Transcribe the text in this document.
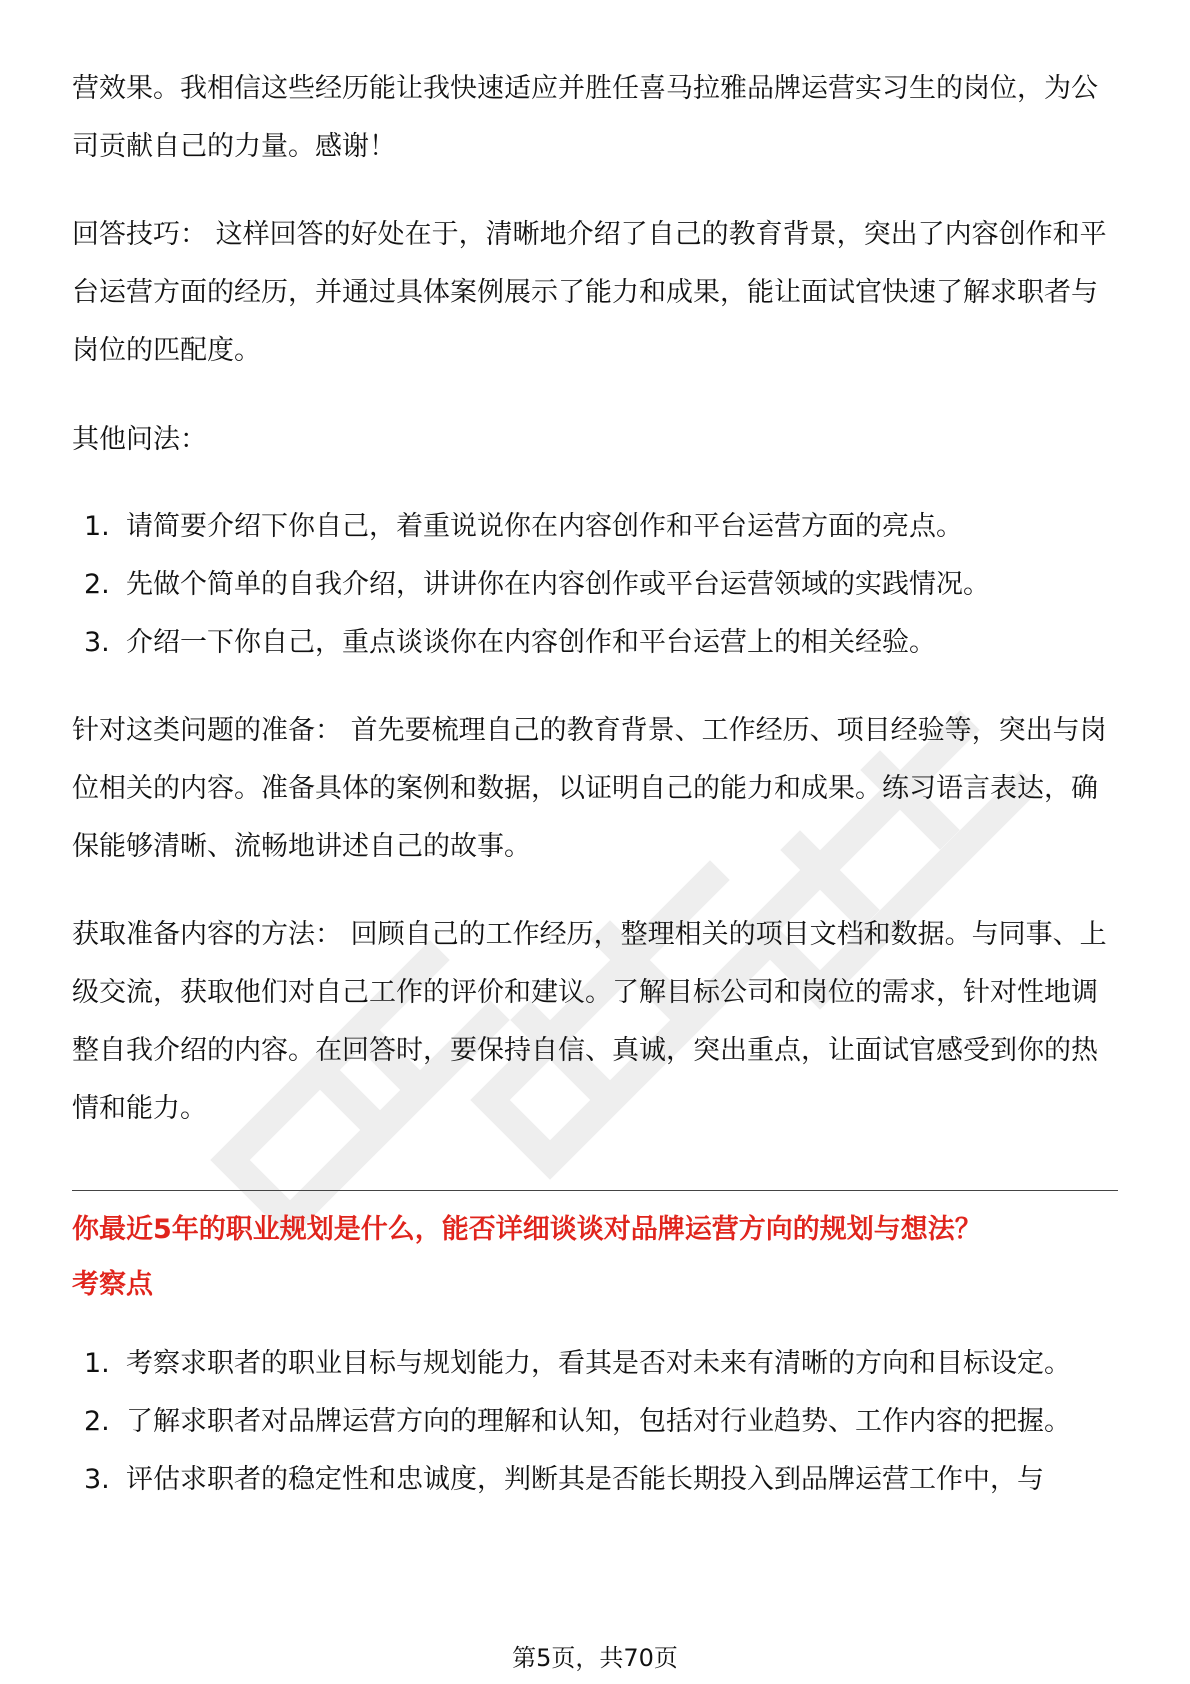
营效果。我相信这些经历能让我快速适应并胜任喜马拉雅品牌运营实习生的岗位，为公司贡献自己的力量。感谢！

回答技巧： 这样回答的好处在于，清晰地介绍了自己的教育背景，突出了内容创作和平台运营方面的经历，并通过具体案例展示了能力和成果，能让面试官快速了解求职者与岗位的匹配度。

其他问法：

1. 请简要介绍下你自己，着重说说你在内容创作和平台运营方面的亮点。
2. 先做个简单的自我介绍，讲讲你在内容创作或平台运营领域的实践情况。
3. 介绍一下你自己，重点谈谈你在内容创作和平台运营上的相关经验。

针对这类问题的准备： 首先要梳理自己的教育背景、工作经历、项目经验等，突出与岗位相关的内容。准备具体的案例和数据，以证明自己的能力和成果。练习语言表达，确保能够清晰、流畅地讲述自己的故事。

获取准备内容的方法： 回顾自己的工作经历，整理相关的项目文档和数据。与同事、上级交流，获取他们对自己工作的评价和建议。了解目标公司和岗位的需求，针对性地调整自我介绍的内容。在回答时，要保持自信、真诚，突出重点，让面试官感受到你的热情和能力。

你最近5年的职业规划是什么，能否详细谈谈对品牌运营方向的规划与想法？

考察点

1. 考察求职者的职业目标与规划能力，看其是否对未来有清晰的方向和目标设定。
2. 了解求职者对品牌运营方向的理解和认知，包括对行业趋势、工作内容的把握。
3. 评估求职者的稳定性和忠诚度，判断其是否能长期投入到品牌运营工作中，与
第5页，共70页
